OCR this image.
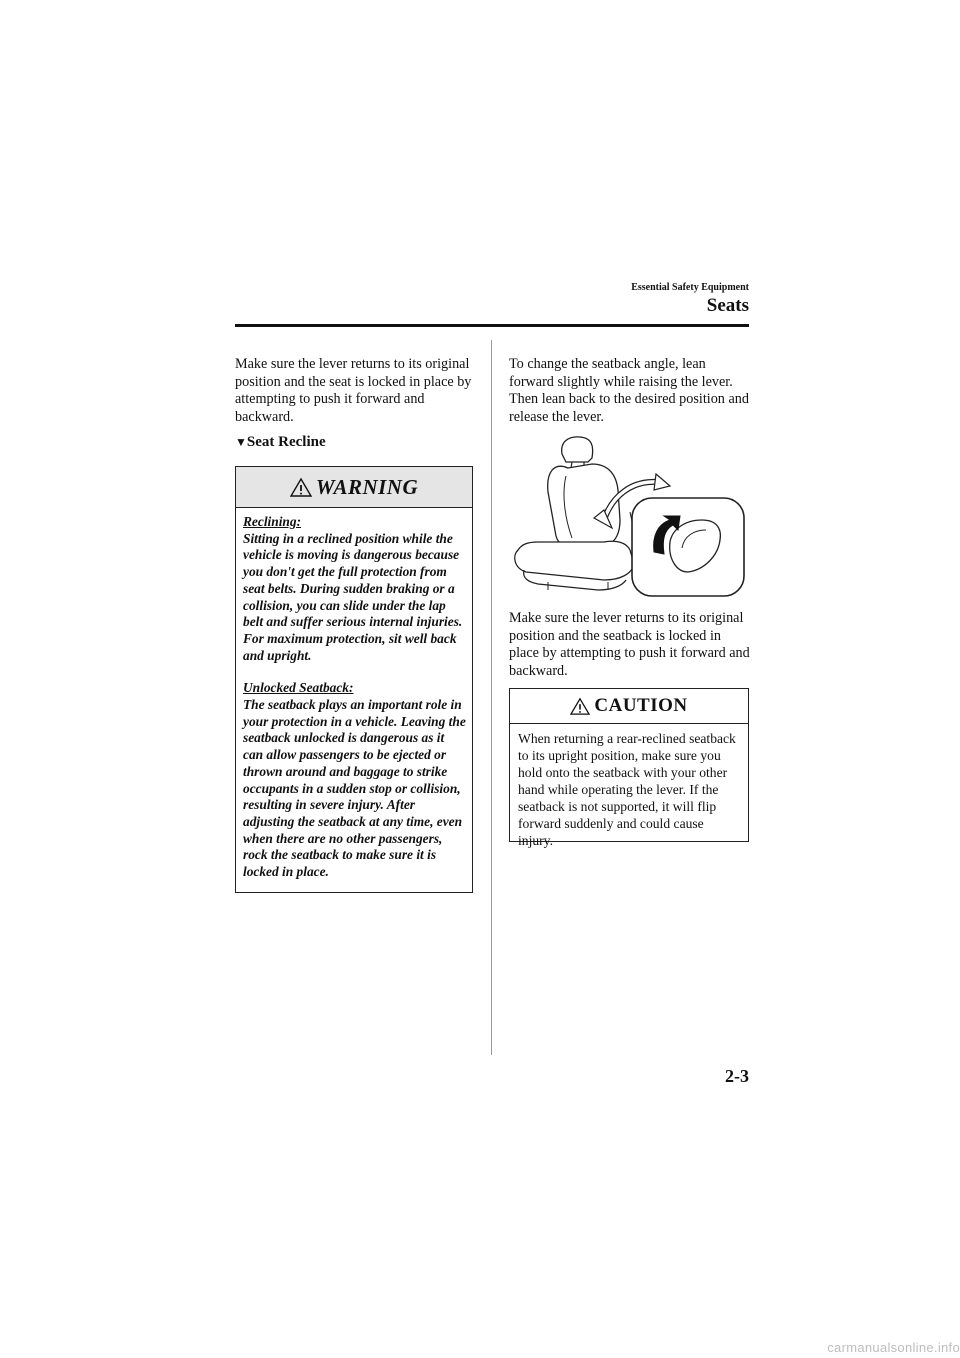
Essential Safety Equipment
Seats

Make sure the lever returns to its original position and the seat is locked in place by attempting to push it forward and backward.

▼Seat Recline
WARNING

Reclining:

Sitting in a reclined position while the vehicle is moving is dangerous because you don't get the full protection from seat belts. During sudden braking or a collision, you can slide under the lap belt and suffer serious internal injuries. For maximum protection, sit well back and upright.

Unlocked Seatback:

The seatback plays an important role in your protection in a vehicle. Leaving the seatback unlocked is dangerous as it can allow passengers to be ejected or thrown around and baggage to strike occupants in a sudden stop or collision, resulting in severe injury. After adjusting the seatback at any time, even when there are no other passengers, rock the seatback to make sure it is locked in place.

To change the seatback angle, lean forward slightly while raising the lever. Then lean back to the desired position and release the lever.

Make sure the lever returns to its original position and the seatback is locked in place by attempting to push it forward and backward.

CAUTION
When returning a rear-reclined seatback to its upright position, make sure you hold onto the seatback with your other hand while operating the lever. If the seatback is not supported, it will flip forward suddenly and could cause injury.
2-3
carmanualsonline.info
